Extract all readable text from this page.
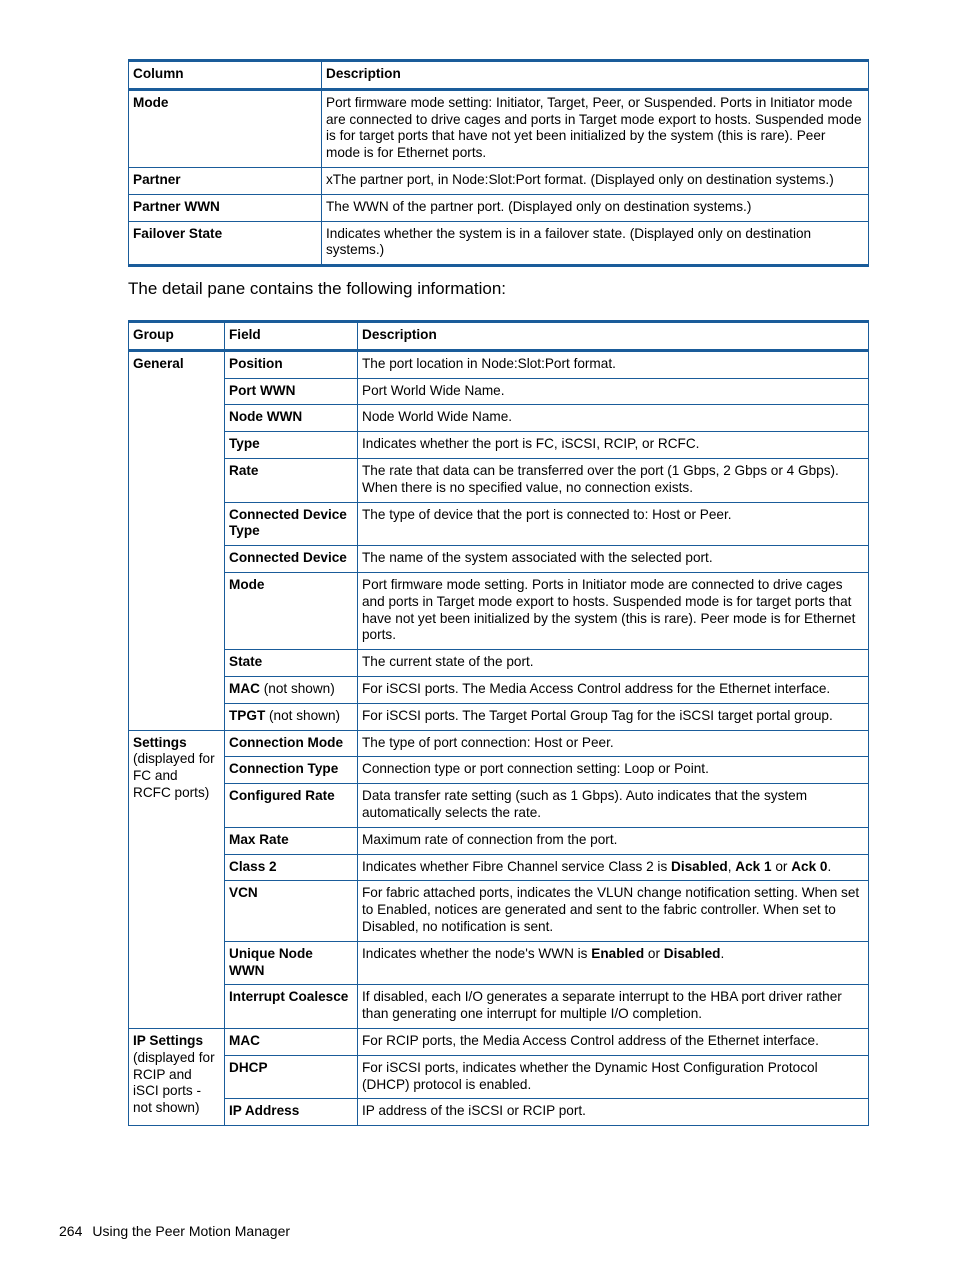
Column	Description
Mode	Port firmware mode setting: Initiator, Target, Peer, or Suspended. Ports in Initiator mode are connected to drive cages and ports in Target mode export to hosts. Suspended mode is for target ports that have not yet been initialized by the system (this is rare). Peer mode is for Ethernet ports.
Partner	xThe partner port, in Node:Slot:Port format. (Displayed only on destination systems.)
Partner WWN	The WWN of the partner port. (Displayed only on destination systems.)
Failover State	Indicates whether the system is in a failover state. (Displayed only on destination systems.)

The detail pane contains the following information:

Group	Field	Description
General	Position	The port location in Node:Slot:Port format.
	Port WWN	Port World Wide Name.
	Node WWN	Node World Wide Name.
	Type	Indicates whether the port is FC, iSCSI, RCIP, or RCFC.
	Rate	The rate that data can be transferred over the port (1 Gbps, 2 Gbps or 4 Gbps). When there is no specified value, no connection exists.
	Connected Device Type	The type of device that the port is connected to: Host or Peer.
	Connected Device	The name of the system associated with the selected port.
	Mode	Port firmware mode setting. Ports in Initiator mode are connected to drive cages and ports in Target mode export to hosts. Suspended mode is for target ports that have not yet been initialized by the system (this is rare). Peer mode is for Ethernet ports.
	State	The current state of the port.
	MAC (not shown)	For iSCSI ports. The Media Access Control address for the Ethernet interface.
	TPGT (not shown)	For iSCSI ports. The Target Portal Group Tag for the iSCSI target portal group.
Settings (displayed for FC and RCFC ports)	Connection Mode	The type of port connection: Host or Peer.
	Connection Type	Connection type or port connection setting: Loop or Point.
	Configured Rate	Data transfer rate setting (such as 1 Gbps). Auto indicates that the system automatically selects the rate.
	Max Rate	Maximum rate of connection from the port.
	Class 2	Indicates whether Fibre Channel service Class 2 is Disabled, Ack 1 or Ack 0.
	VCN	For fabric attached ports, indicates the VLUN change notification setting. When set to Enabled, notices are generated and sent to the fabric controller. When set to Disabled, no notification is sent.
	Unique Node WWN	Indicates whether the node's WWN is Enabled or Disabled.
	Interrupt Coalesce	If disabled, each I/O generates a separate interrupt to the HBA port driver rather than generating one interrupt for multiple I/O completion.
IP Settings (displayed for RCIP and iSCI ports - not shown)	MAC	For RCIP ports, the Media Access Control address of the Ethernet interface.
	DHCP	For iSCSI ports, indicates whether the Dynamic Host Configuration Protocol (DHCP) protocol is enabled.
	IP Address	IP address of the iSCSI or RCIP port.

264 Using the Peer Motion Manager
